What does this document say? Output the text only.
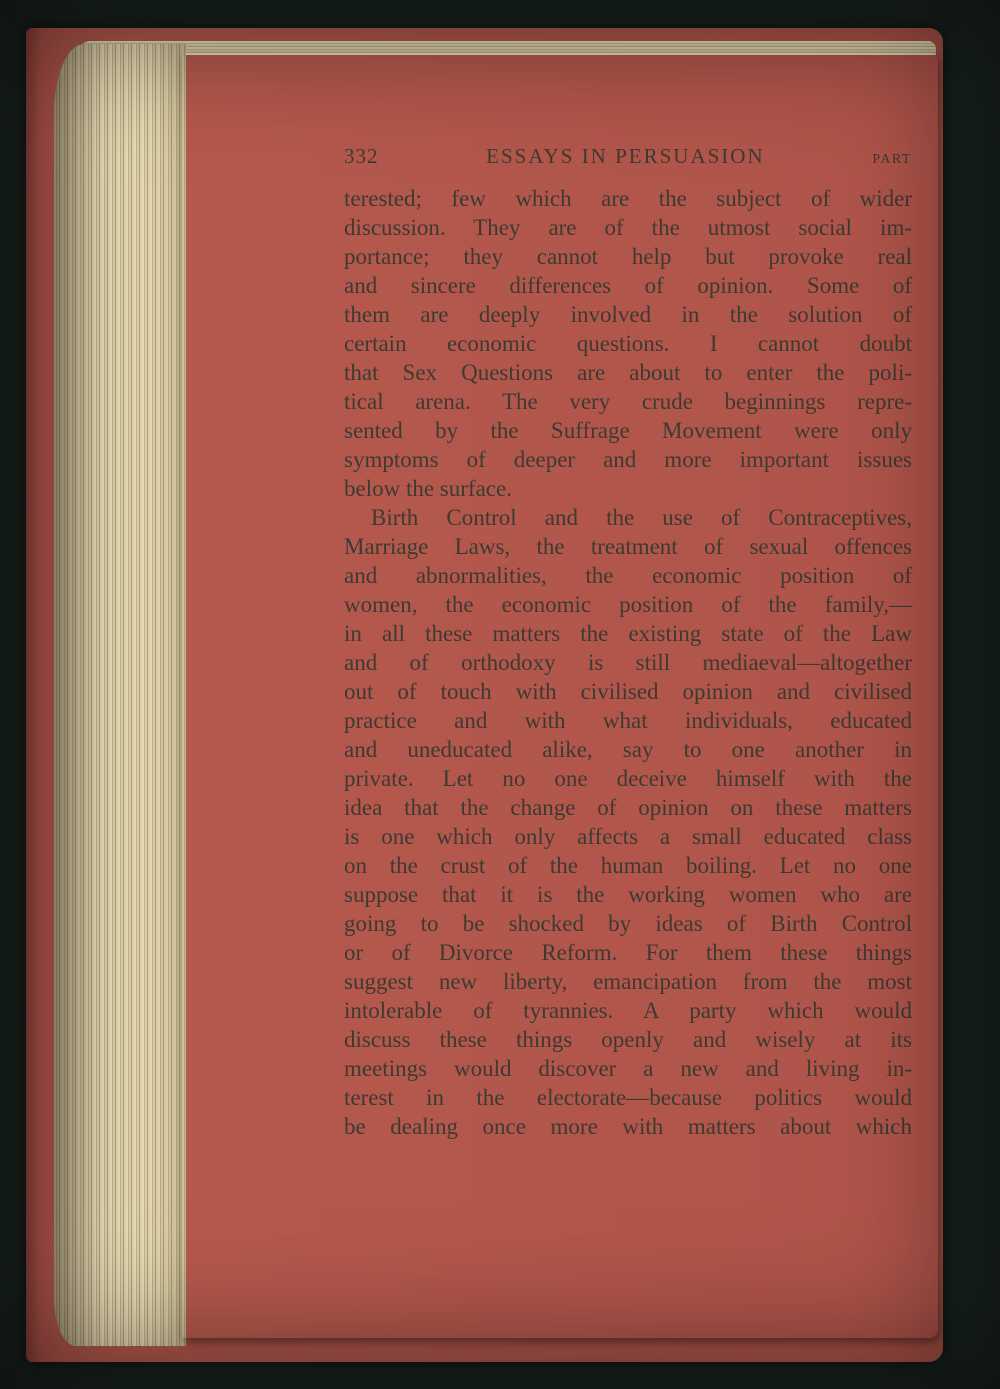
332	ESSAYS IN PERSUASION	PART
terested; few which are the subject of wider
discussion. They are of the utmost social im-
portance; they cannot help but provoke real
and sincere differences of opinion. Some of
them are deeply involved in the solution of
certain economic questions. I cannot doubt
that Sex Questions are about to enter the poli-
tical arena. The very crude beginnings repre-
sented by the Suffrage Movement were only
symptoms of deeper and more important issues
below the surface.
Birth Control and the use of Contraceptives,
Marriage Laws, the treatment of sexual offences
and abnormalities, the economic position of
women, the economic position of the family,—
in all these matters the existing state of the Law
and of orthodoxy is still mediaeval—altogether
out of touch with civilised opinion and civilised
practice and with what individuals, educated
and uneducated alike, say to one another in
private. Let no one deceive himself with the
idea that the change of opinion on these matters
is one which only affects a small educated class
on the crust of the human boiling. Let no one
suppose that it is the working women who are
going to be shocked by ideas of Birth Control
or of Divorce Reform. For them these things
suggest new liberty, emancipation from the most
intolerable of tyrannies. A party which would
discuss these things openly and wisely at its
meetings would discover a new and living in-
terest in the electorate—because politics would
be dealing once more with matters about which
